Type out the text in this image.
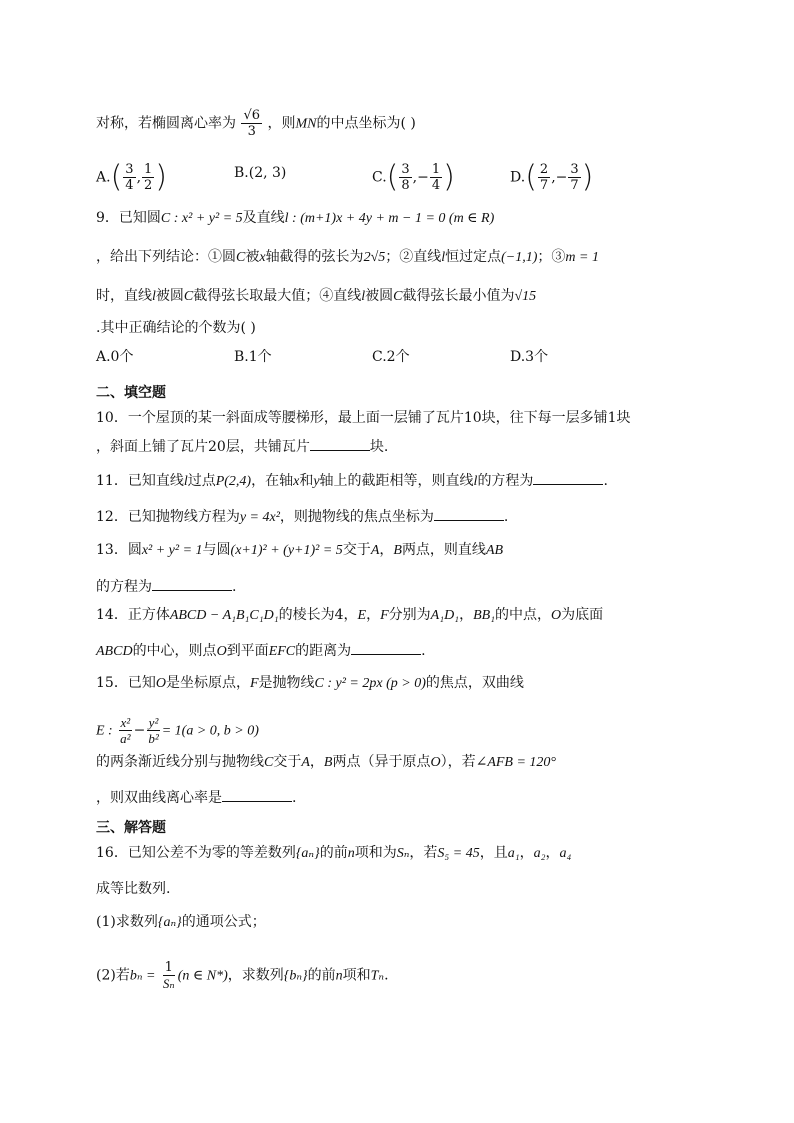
对称，若椭圆离心率为 $\frac{√6}{3}$ ，则MN的中点坐标为( )
$A.( \frac{3}{4}$ , $\frac{1}{2}$ )	B.(2, 3)	$C.( \frac{3}{8}$ ,− $\frac{1}{4}$ )	$D.( \frac{2}{7}$ ,− $\frac{3}{7}$ )
9．已知圆C : x² + y² = 5及直线l : (m+1)x + 4y + m − 1 = 0 (m ∈ R)
，给出下列结论：①圆C被x轴截得的弦长为2√5；②直线l恒过定点(−1,1)；③m = 1
时，直线l被圆C截得弦长取最大值；④直线l被圆C截得弦长最小值为√15
.其中正确结论的个数为( )
A.0个	B.1个	C.2个	D.3个
二、填空题
10．一个屋顶的某一斜面成等腰梯形，最上面一层铺了瓦片10块，往下每一层多铺1块
，斜面上铺了瓦片20层，共铺瓦片	块.
11．已知直线l过点P(2,4)，在轴x和y轴上的截距相等，则直线l的方程为	.
12．已知抛物线方程为y = 4x²，则抛物线的焦点坐标为	.
13．圆x² + y² = 1与圆(x+1)² + (y+1)² = 5交于A，B两点，则直线AB
的方程为	.
14．正方体ABCD − A₁B₁C₁D₁的棱长为4，E，F分别为A₁D₁，BB₁的中点，O为底面
ABCD的中心，则点O到平面EFC的距离为	.
15．已知O是坐标原点，F是抛物线C : y² = 2px (p > 0)的焦点，双曲线
E : $\frac{\text{x²}}{\text{a²}} - \frac{\text{y²}}{\text{b²}} = 1(a > 0$, b > 0)
的两条渐近线分别与抛物线C交于A，B两点（异于原点O），若∠AFB = 120°
，则双曲线离心率是	.
三、解答题
16．已知公差不为零的等差数列{aₙ}的前n项和为Sₙ，若S₅ = 45，且a₁，a₂，a₄
成等比数列.
(1)求数列{aₙ}的通项公式；
(2)若$b_n = \frac{1}{\text{Sₙ}} (n$ ∈ N*)，求数列{bₙ}的前n项和Tₙ.
